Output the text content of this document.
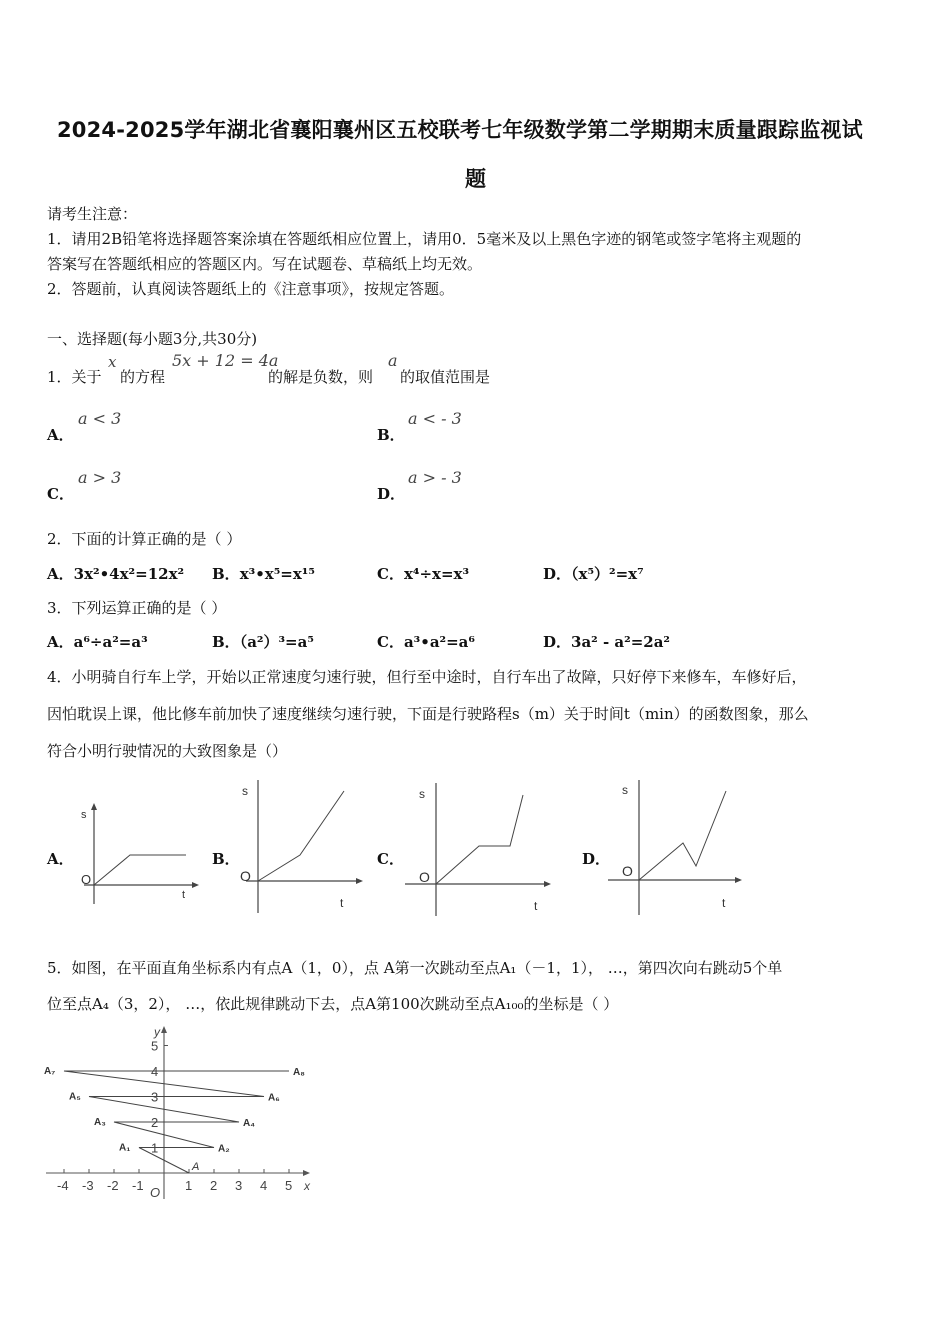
2024-2025学年湖北省襄阳襄州区五校联考七年级数学第二学期期末质量跟踪监视试
题
请考生注意：
1．请用2B铅笔将选择题答案涂填在答题纸相应位置上，请用0．5毫米及以上黑色字迹的钢笔或签字笔将主观题的
答案写在答题纸相应的答题区内。写在试题卷、草稿纸上均无效。
2．答题前，认真阅读答题纸上的《注意事项》，按规定答题。
一、选择题(每小题3分,共30分)
1．关于
x
的方程
5x + 12 = 4a
的解是负数，则
a
的取值范围是
A．
a < 3
B．
a < - 3
C．
a > 3
D．
a > - 3
2．下面的计算正确的是（ ）
A．3x²•4x²=12x² B．x³•x⁵=x¹⁵	C．x⁴÷x=x³	D．（x⁵）²=x⁷
3．下列运算正确的是（ ）
A．a⁶÷a²=a³	B．（a²）³=a⁵	C．a³•a²=a⁶	D．3a² - a²=2a²
4．小明骑自行车上学，开始以正常速度匀速行驶，但行至中途时，自行车出了故障，只好停下来修车，车修好后，
因怕耽误上课，他比修车前加快了速度继续匀速行驶，下面是行驶路程s（m）关于时间t（min）的函数图象，那么
符合小明行驶情况的大致图象是（）
A．	B．	C．	D．
s
t
O
s
t
O
s
t
O
s
t
O
5．如图，在平面直角坐标系内有点A（1，0），点 A第一次跳动至点A₁（－1，1）， …，第四次向右跳动5个单
位至点A₄（3，2）， …，依此规律跳动下去，点A第100次跳动至点A₁₀₀的坐标是（ ）
x
y
O
-4 -3 -2 -1	1 2 3 4 5
1
2
3
4
5
A
A₁	A₂
A₃	A₄
A₅	A₆
A₇	A₈
